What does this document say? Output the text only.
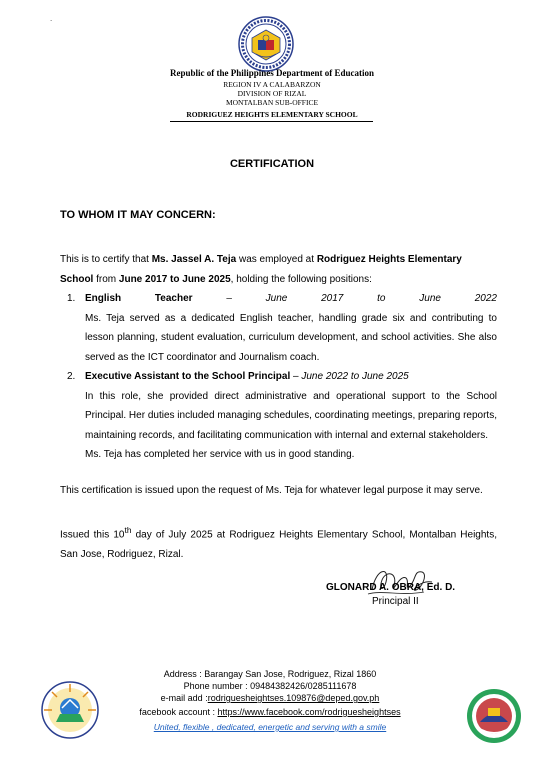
.
Republic of the Philippines Department of Education
REGION IV A CALABARZON
DIVISION OF RIZAL
MONTALBAN SUB-OFFICE
RODRIGUEZ HEIGHTS ELEMENTARY SCHOOL
CERTIFICATION
TO WHOM IT MAY CONCERN:
This is to certify that Ms. Jassel A. Teja was employed at Rodriguez Heights Elementary School from June 2017 to June 2025, holding the following positions:
1. English	Teacher	–	June	2017	to	June	2022

Ms. Teja served as a dedicated English teacher, handling grade six and contributing to lesson planning, student evaluation, curriculum development, and school activities. She also served as the ICT coordinator and Journalism coach.

2. Executive Assistant to the School Principal – June 2022 to June 2025

In this role, she provided direct administrative and operational support to the School Principal. Her duties included managing schedules, coordinating meetings, preparing reports, maintaining records, and facilitating communication with internal and external stakeholders.

Ms. Teja has completed her service with us in good standing.

This certification is issued upon the request of Ms. Teja for whatever legal purpose it may serve.
Issued this 10th day of July 2025 at Rodriguez Heights Elementary School, Montalban Heights, San Jose, Rodriguez, Rizal.
GLONARD A. OBRA, Ed. D.
Principal II
Address : Barangay San Jose, Rodriguez, Rizal 1860
Phone number : 09484382426/0285111678
e-mail add :rodriguesheightses.109876@deped.gov.ph
facebook account : https://www.facebook.com/rodriguesheightses
United, flexible , dedicated, energetic and serving with a smile
